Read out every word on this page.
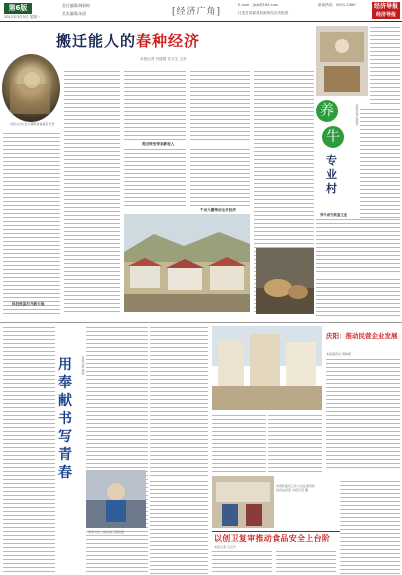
第6版
2012年3月5日 星期一
责任编辑/韩新梅
美术编辑/朱丽	[经济广角]
E-mail：jjsb@163.com	新闻热线：0931-2980
打造甘肃最具权威的经济类报纸
经济导报
经济导报
搬迁能人的春种经济
本报记者 吕德强 实习生 王晋
刘彦文(右)在大棚里查看蔬菜长势
科技致富打开新天地
观念转变带来新收入
千亩大棚带动全乡经济
养
牛
专
业
村
本报记者 张庭宇
养牛成为致富主业
用
奉
献
书
写
青
春
本报记者 徐庭
李浩川在工地检查工程质量
庆阳：推动民营企业发展
本报通讯员 周晓明
市食药监局工作人员在商场检查食品质量 本报记者 摄
以创卫复审推动食品安全上台阶
本报记者 马玉平
